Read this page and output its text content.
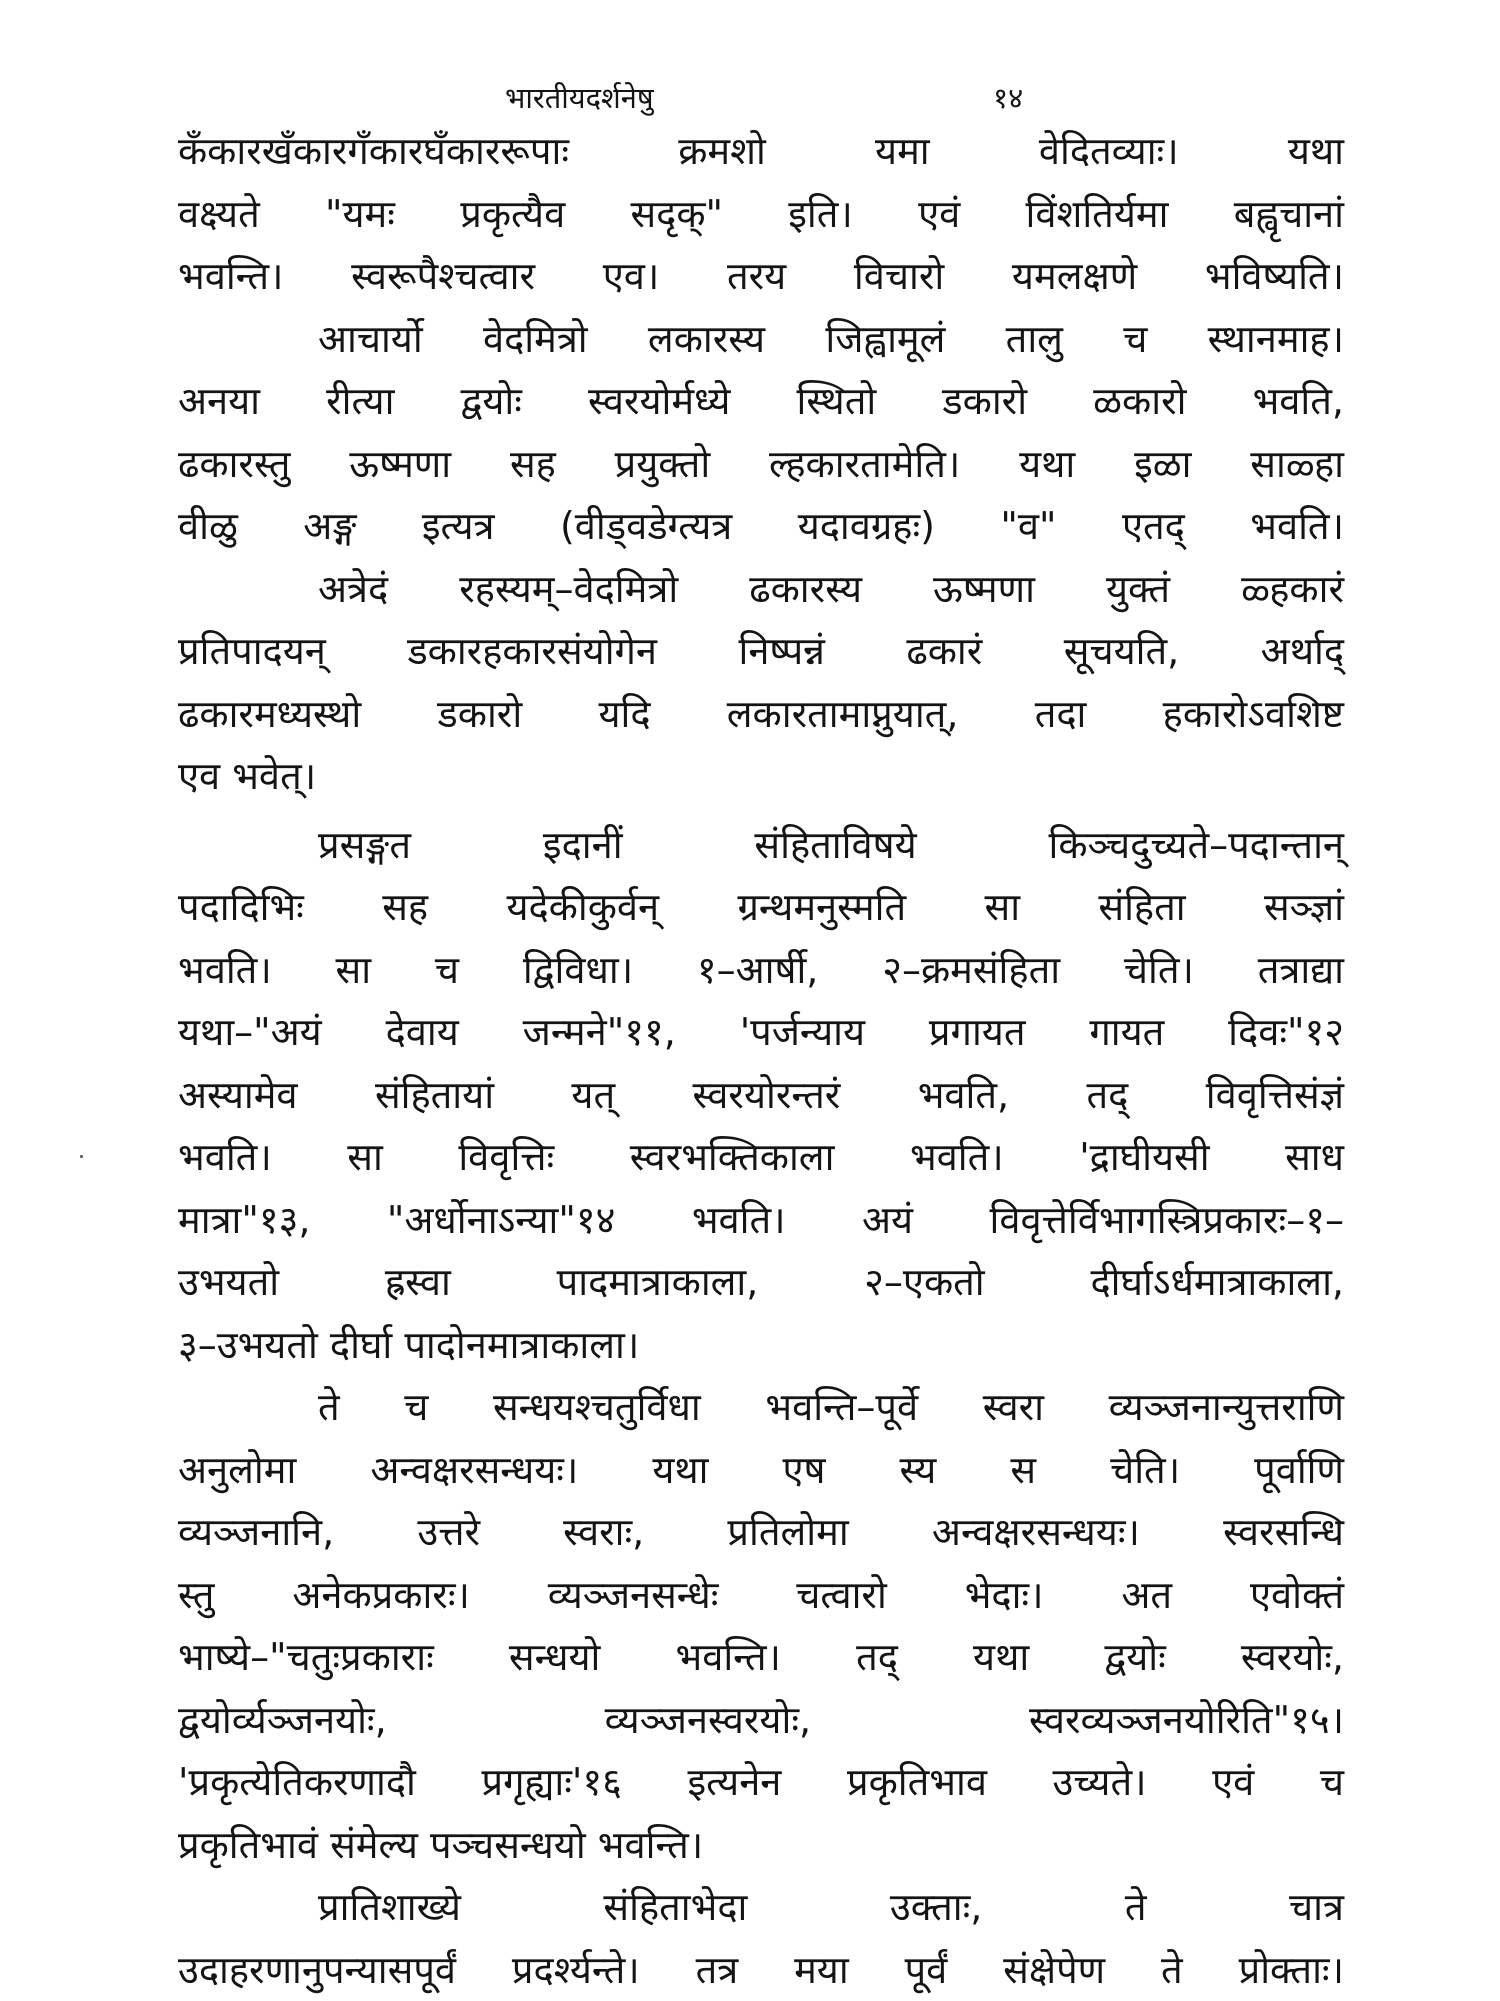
भारतीयदर्शनेषु	१४
कँकारखँकारगँकारघँकाररूपाः क्रमशो यमा वेदितव्याः। यथा
वक्ष्यते "यमः प्रकृत्यैव सदृक्" इति। एवं विंशतिर्यमा बह्वृचानां
भवन्ति। स्वरूपैश्चत्वार एव। तरय विचारो यमलक्षणे भविष्यति।
आचार्यो वेदमित्रो लकारस्य जिह्वामूलं तालु च स्थानमाह।
अनया रीत्या द्वयोः स्वरयोर्मध्ये स्थितो डकारो ळकारो भवति,
ढकारस्तु ऊष्मणा सह प्रयुक्तो ल्हकारतामेति। यथा इळा साळ्हा
वीळु अङ्ग इत्यत्र (वीड्वडेग्त्यत्र यदावग्रहः) "व" एतद् भवति।
अत्रेदं रहस्यम्–वेदमित्रो ढकारस्य ऊष्मणा युक्तं ळ्हकारं
प्रतिपादयन् डकारहकारसंयोगेन निष्पन्नं ढकारं सूचयति, अर्थाद्
ढकारमध्यस्थो डकारो यदि लकारतामाप्नुयात्, तदा हकारोऽवशिष्ट
एव भवेत्।
प्रसङ्गत इदानीं संहिताविषये किञ्चदुच्यते–पदान्तान्
पदादिभिः सह यदेकीकुर्वन् ग्रन्थमनुस्मति सा संहिता सञ्ज्ञां
भवति। सा च द्विविधा। १–आर्षी, २–क्रमसंहिता चेति। तत्राद्या
यथा–"अयं देवाय जन्मने"११, 'पर्जन्याय प्रगायत गायत दिवः"१२
अस्यामेव संहितायां यत् स्वरयोरन्तरं भवति, तद् विवृत्तिसंज्ञं
भवति। सा विवृत्तिः स्वरभक्तिकाला भवति। 'द्राघीयसी साध
मात्रा"१३, "अर्धोनाऽन्या"१४ भवति। अयं विवृत्तेर्विभागस्त्रिप्रकारः–१–
उभयतो ह्रस्वा पादमात्राकाला, २–एकतो दीर्घाऽर्धमात्राकाला,
३–उभयतो दीर्घा पादोनमात्राकाला।
ते च सन्धयश्चतुर्विधा भवन्ति–पूर्वे स्वरा व्यञ्जनान्युत्तराणि
अनुलोमा अन्वक्षरसन्धयः। यथा एष स्य स चेति। पूर्वाणि
व्यञ्जनानि, उत्तरे स्वराः, प्रतिलोमा अन्वक्षरसन्धयः। स्वरसन्धि
स्तु अनेकप्रकारः। व्यञ्जनसन्धेः चत्वारो भेदाः। अत एवोक्तं
भाष्ये–"चतुःप्रकाराः सन्धयो भवन्ति। तद् यथा द्वयोः स्वरयोः,
द्वयोर्व्यञ्जनयोः, व्यञ्जनस्वरयोः, स्वरव्यञ्जनयोरिति"१५।
'प्रकृत्येतिकरणादौ प्रगृह्याः'१६ इत्यनेन प्रकृतिभाव उच्यते। एवं च
प्रकृतिभावं संमेल्य पञ्चसन्धयो भवन्ति।
प्रातिशाख्ये संहिताभेदा उक्ताः, ते चात्र
उदाहरणानुपन्यासपूर्वं प्रदर्श्यन्ते। तत्र मया पूर्वं संक्षेपेण ते प्रोक्ताः।
